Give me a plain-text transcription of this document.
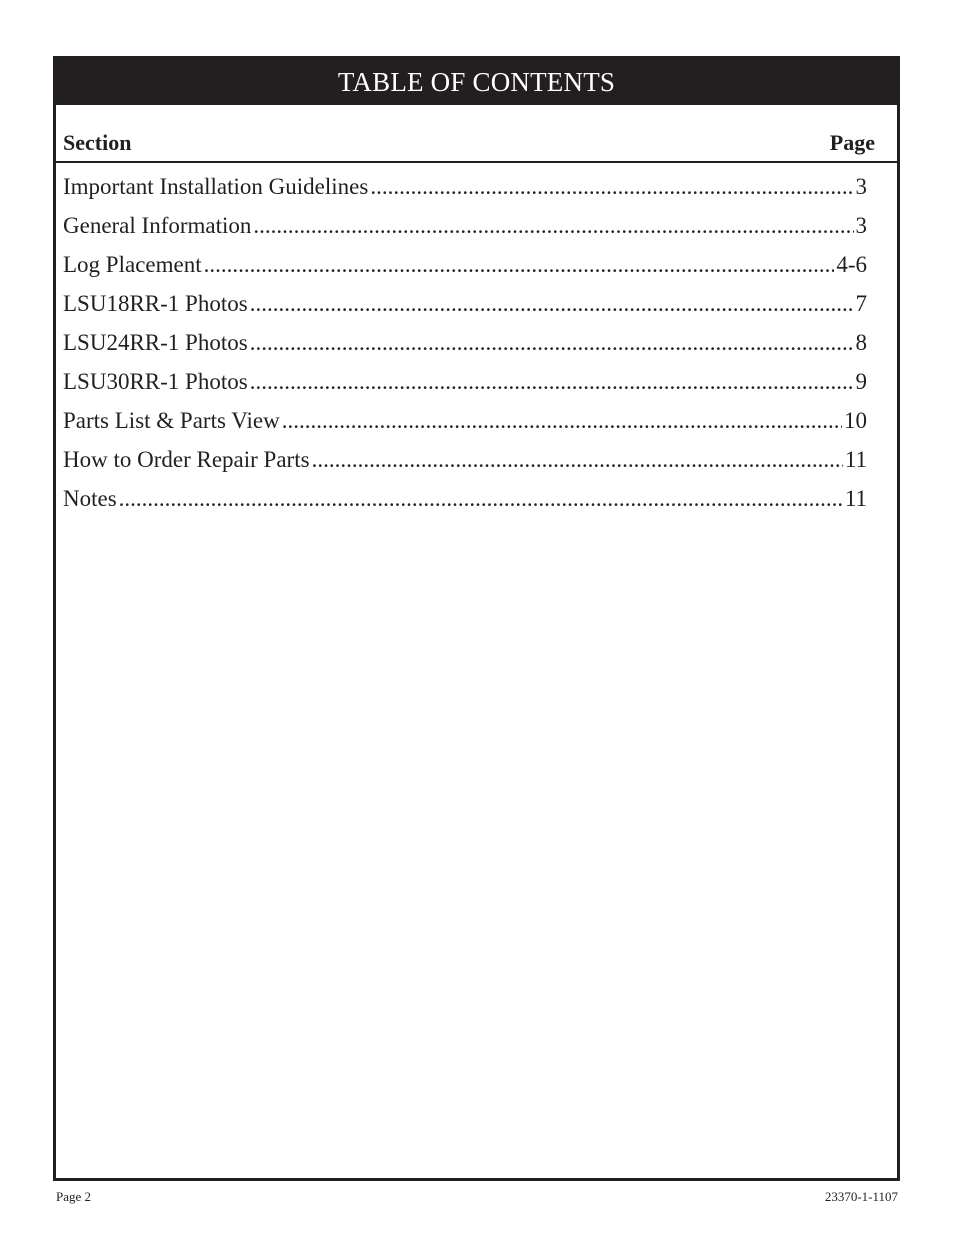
TABLE OF CONTENTS
Section	Page
Important Installation Guidelines .....	3
General Information .....	3
Log Placement .....	4-6
LSU18RR-1 Photos .....	7
LSU24RR-1 Photos .....	8
LSU30RR-1 Photos .....	9
Parts List & Parts View .....	10
How to Order Repair Parts .....	11
Notes .....	11
Page 2	23370-1-1107
